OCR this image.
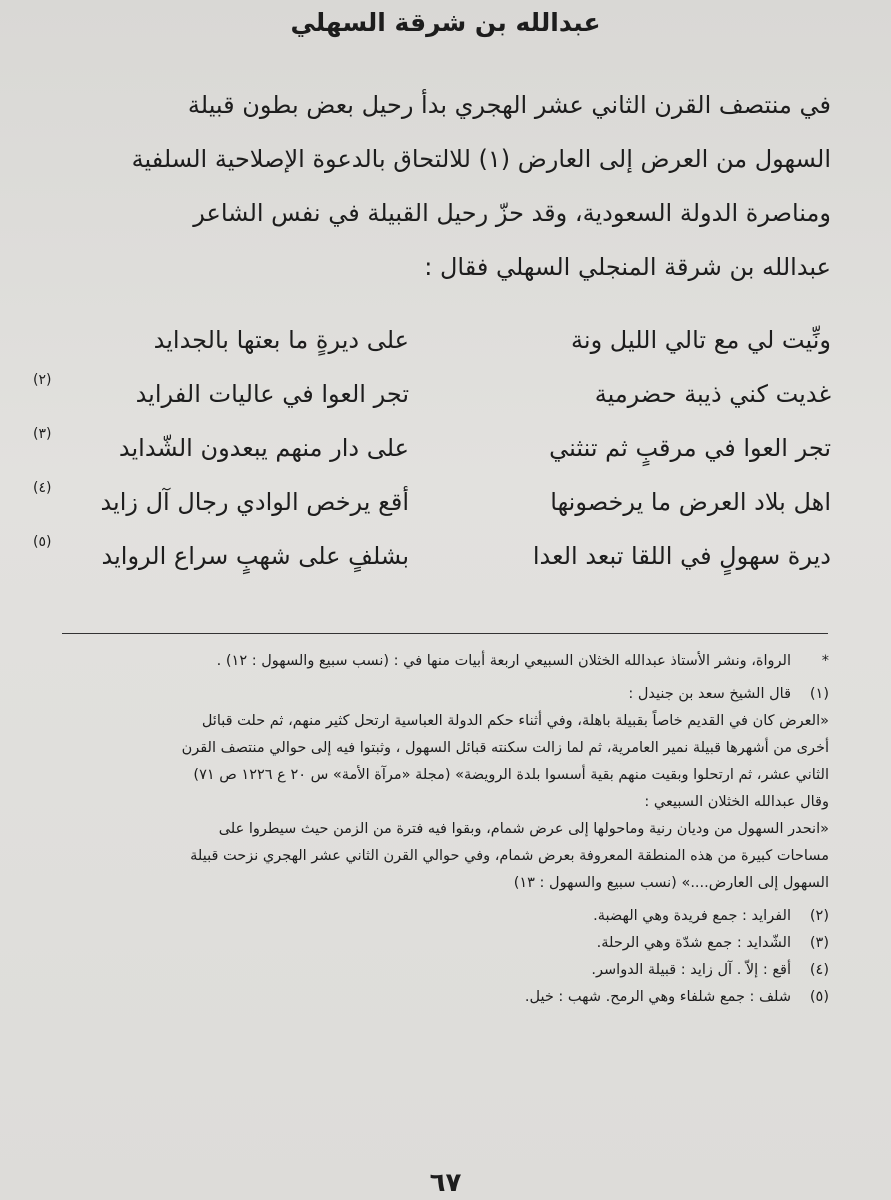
عبدالله بن شرقة السهلي
في منتصف القرن الثاني عشر الهجري بدأ رحيل بعض بطون قبيلة
السهول من العرض إلى العارض (١) للالتحاق بالدعوة الإصلاحية السلفية
ومناصرة الدولة السعودية، وقد حزّ رحيل القبيلة في نفس الشاعر
عبدالله بن شرقة المنجلي السهلي فقال :
ونِّيت لي مع تالي الليل ونة
على ديرةٍ ما بعتها بالجدايد
غديت كني ذيبة حضرمية
تجر العوا في عاليات الفرايد
(٢)
تجر العوا في مرقبٍ ثم تنثني
على دار منهم يبعدون الشّدايد
(٣)
اهل بلاد العرض ما يرخصونها
أقع يرخص الوادي رجال آل زايد
(٤)
ديرة سهولٍ في اللقا تبعد العدا
بشلفٍ على شهبٍ سراع الروايد
(٥)
*
الرواة، ونشر الأستاذ عبدالله الخثلان السبيعي اربعة أبيات منها في : (نسب سبيع والسهول : ١٢) .
(١)
قال الشيخ سعد بن جنيدل :
«العرض كان في القديم خاصاً بقبيلة باهلة، وفي أثناء حكم الدولة العباسية ارتحل كثير منهم، ثم حلت قبائل
أخرى من أشهرها قبيلة نمير العامرية، ثم لما زالت سكنته قبائل السهول ، وثبتوا فيه إلى حوالي منتصف القرن
الثاني عشر، ثم ارتحلوا وبقيت منهم بقية أسسوا بلدة الرويضة» (مجلة «مرآة الأمة» س ٢٠ ع ١٢٢٦ ص ٧١)
وقال عبدالله الخثلان السبيعي :
«انحدر السهول من وديان رنية وماحولها إلى عرض شمام، وبقوا فيه فترة من الزمن حيث سيطروا على
مساحات كبيرة من هذه المنطقة المعروفة بعرض شمام، وفي حوالي القرن الثاني عشر الهجري نزحت قبيلة
السهول إلى العارض....» (نسب سبيع والسهول : ١٣)
(٢)
الفرايد : جمع فريدة وهي الهضبة.
(٣)
الشّدايد : جمع شدّة وهي الرحلة.
(٤)
أقع : إلاّ . آل زايد : قبيلة الدواسر.
(٥)
شلف : جمع شلفاء وهي الرمح. شهب : خيل.
٦٧
